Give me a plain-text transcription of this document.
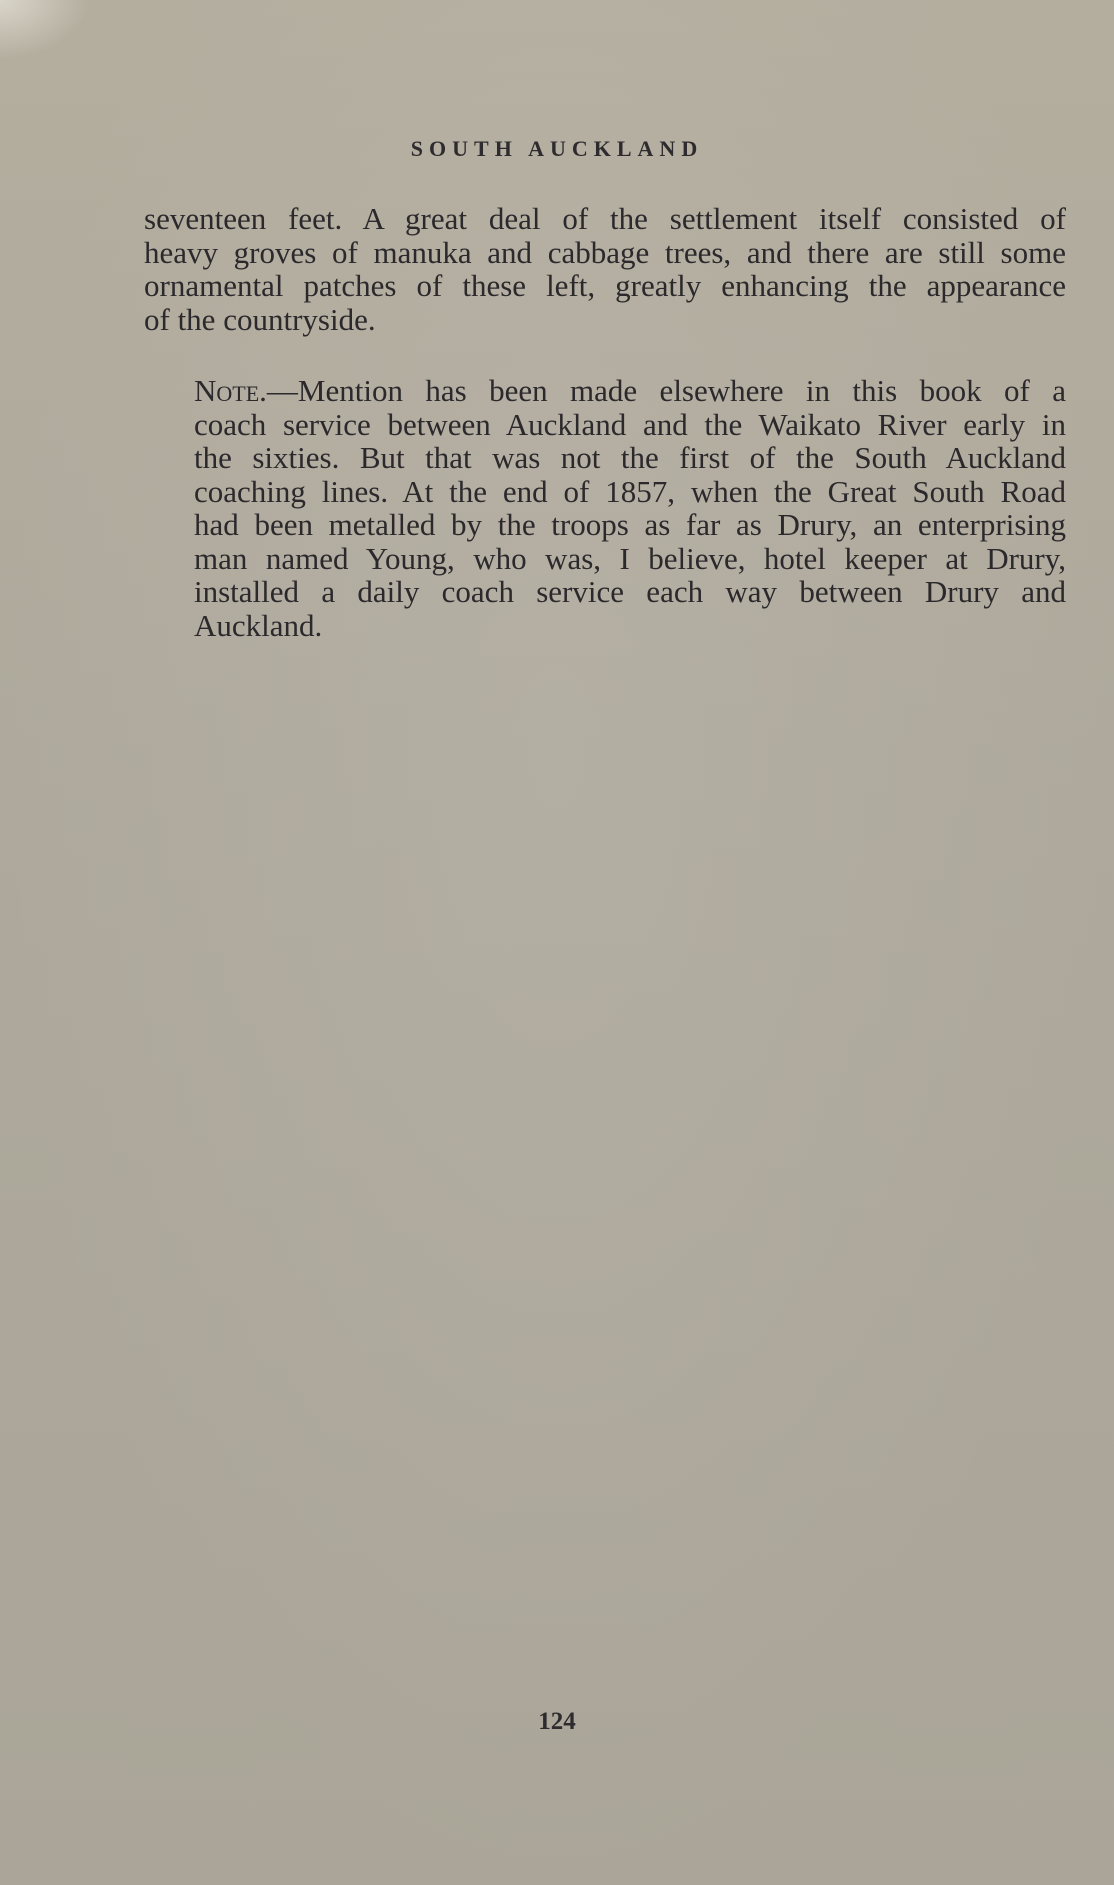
SOUTH AUCKLAND
seventeen feet. A great deal of the settlement itself consisted of
heavy groves of manuka and cabbage trees, and there are still some
ornamental patches of these left, greatly enhancing the appearance
of the countryside.
Note.—Mention has been made elsewhere in this book of a
coach service between Auckland and the Waikato River early in
the sixties. But that was not the first of the South Auckland
coaching lines. At the end of 1857, when the Great South Road
had been metalled by the troops as far as Drury, an enterprising
man named Young, who was, I believe, hotel keeper at Drury,
installed a daily coach service each way between Drury and
Auckland.
124
